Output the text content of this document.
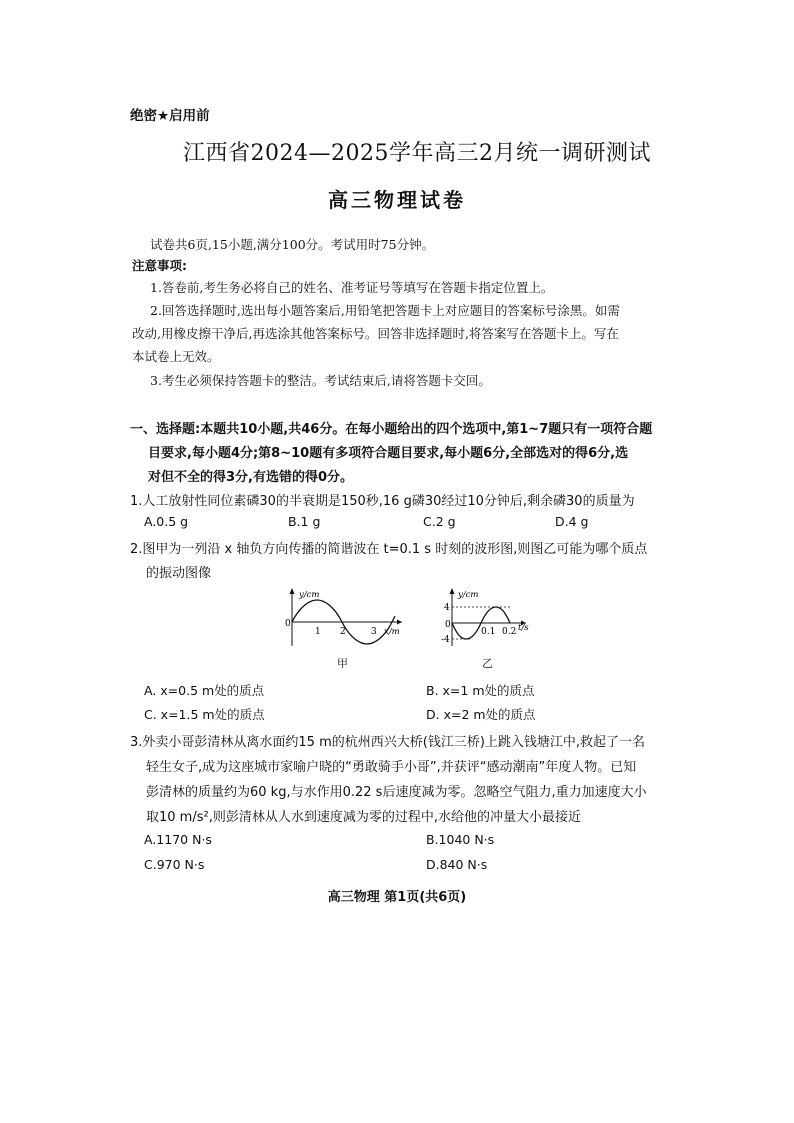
绝密★启用前
江西省2024—2025学年高三2月统一调研测试
高三物理试卷
试卷共6页,15小题,满分100分。考试用时75分钟。
注意事项:
1.答卷前,考生务必将自己的姓名、准考证号等填写在答题卡指定位置上。
2.回答选择题时,选出每小题答案后,用铅笔把答题卡上对应题目的答案标号涂黑。如需
改动,用橡皮擦干净后,再选涂其他答案标号。回答非选择题时,将答案写在答题卡上。写在
本试卷上无效。
3.考生必须保持答题卡的整洁。考试结束后,请将答题卡交回。
一、选择题:本题共10小题,共46分。在每小题给出的四个选项中,第1~7题只有一项符合题
目要求,每小题4分;第8~10题有多项符合题目要求,每小题6分,全部选对的得6分,选
对但不全的得3分,有选错的得0分。
1.人工放射性同位素磷30的半衰期是150秒,16 g磷30经过10分钟后,剩余磷30的质量为
A.0.5 g	B.1 g	C.2 g	D.4 g
2.图甲为一列沿 x 轴负方向传播的简谐波在 t=0.1 s 时刻的波形图,则图乙可能为哪个质点
的振动图像
y/cm
0
1 2	3 x/m
甲
y/cm
4
-4
0
0.1 0.2 t/s
乙
A. x=0.5 m处的质点	B. x=1 m处的质点
C. x=1.5 m处的质点	D. x=2 m处的质点
3.外卖小哥彭清林从离水面约15 m的杭州西兴大桥(钱江三桥)上跳入钱塘江中,救起了一名
轻生女子,成为这座城市家喻户晓的“勇敢骑手小哥”,并获评“感动潮南”年度人物。已知
彭清林的质量约为60 kg,与水作用0.22 s后速度减为零。忽略空气阻力,重力加速度大小
取10 m/s²,则彭清林从人水到速度减为零的过程中,水给他的冲量大小最接近
A.1170 N·s	B.1040 N·s
C.970 N·s	D.840 N·s
高三物理 第1页(共6页)
